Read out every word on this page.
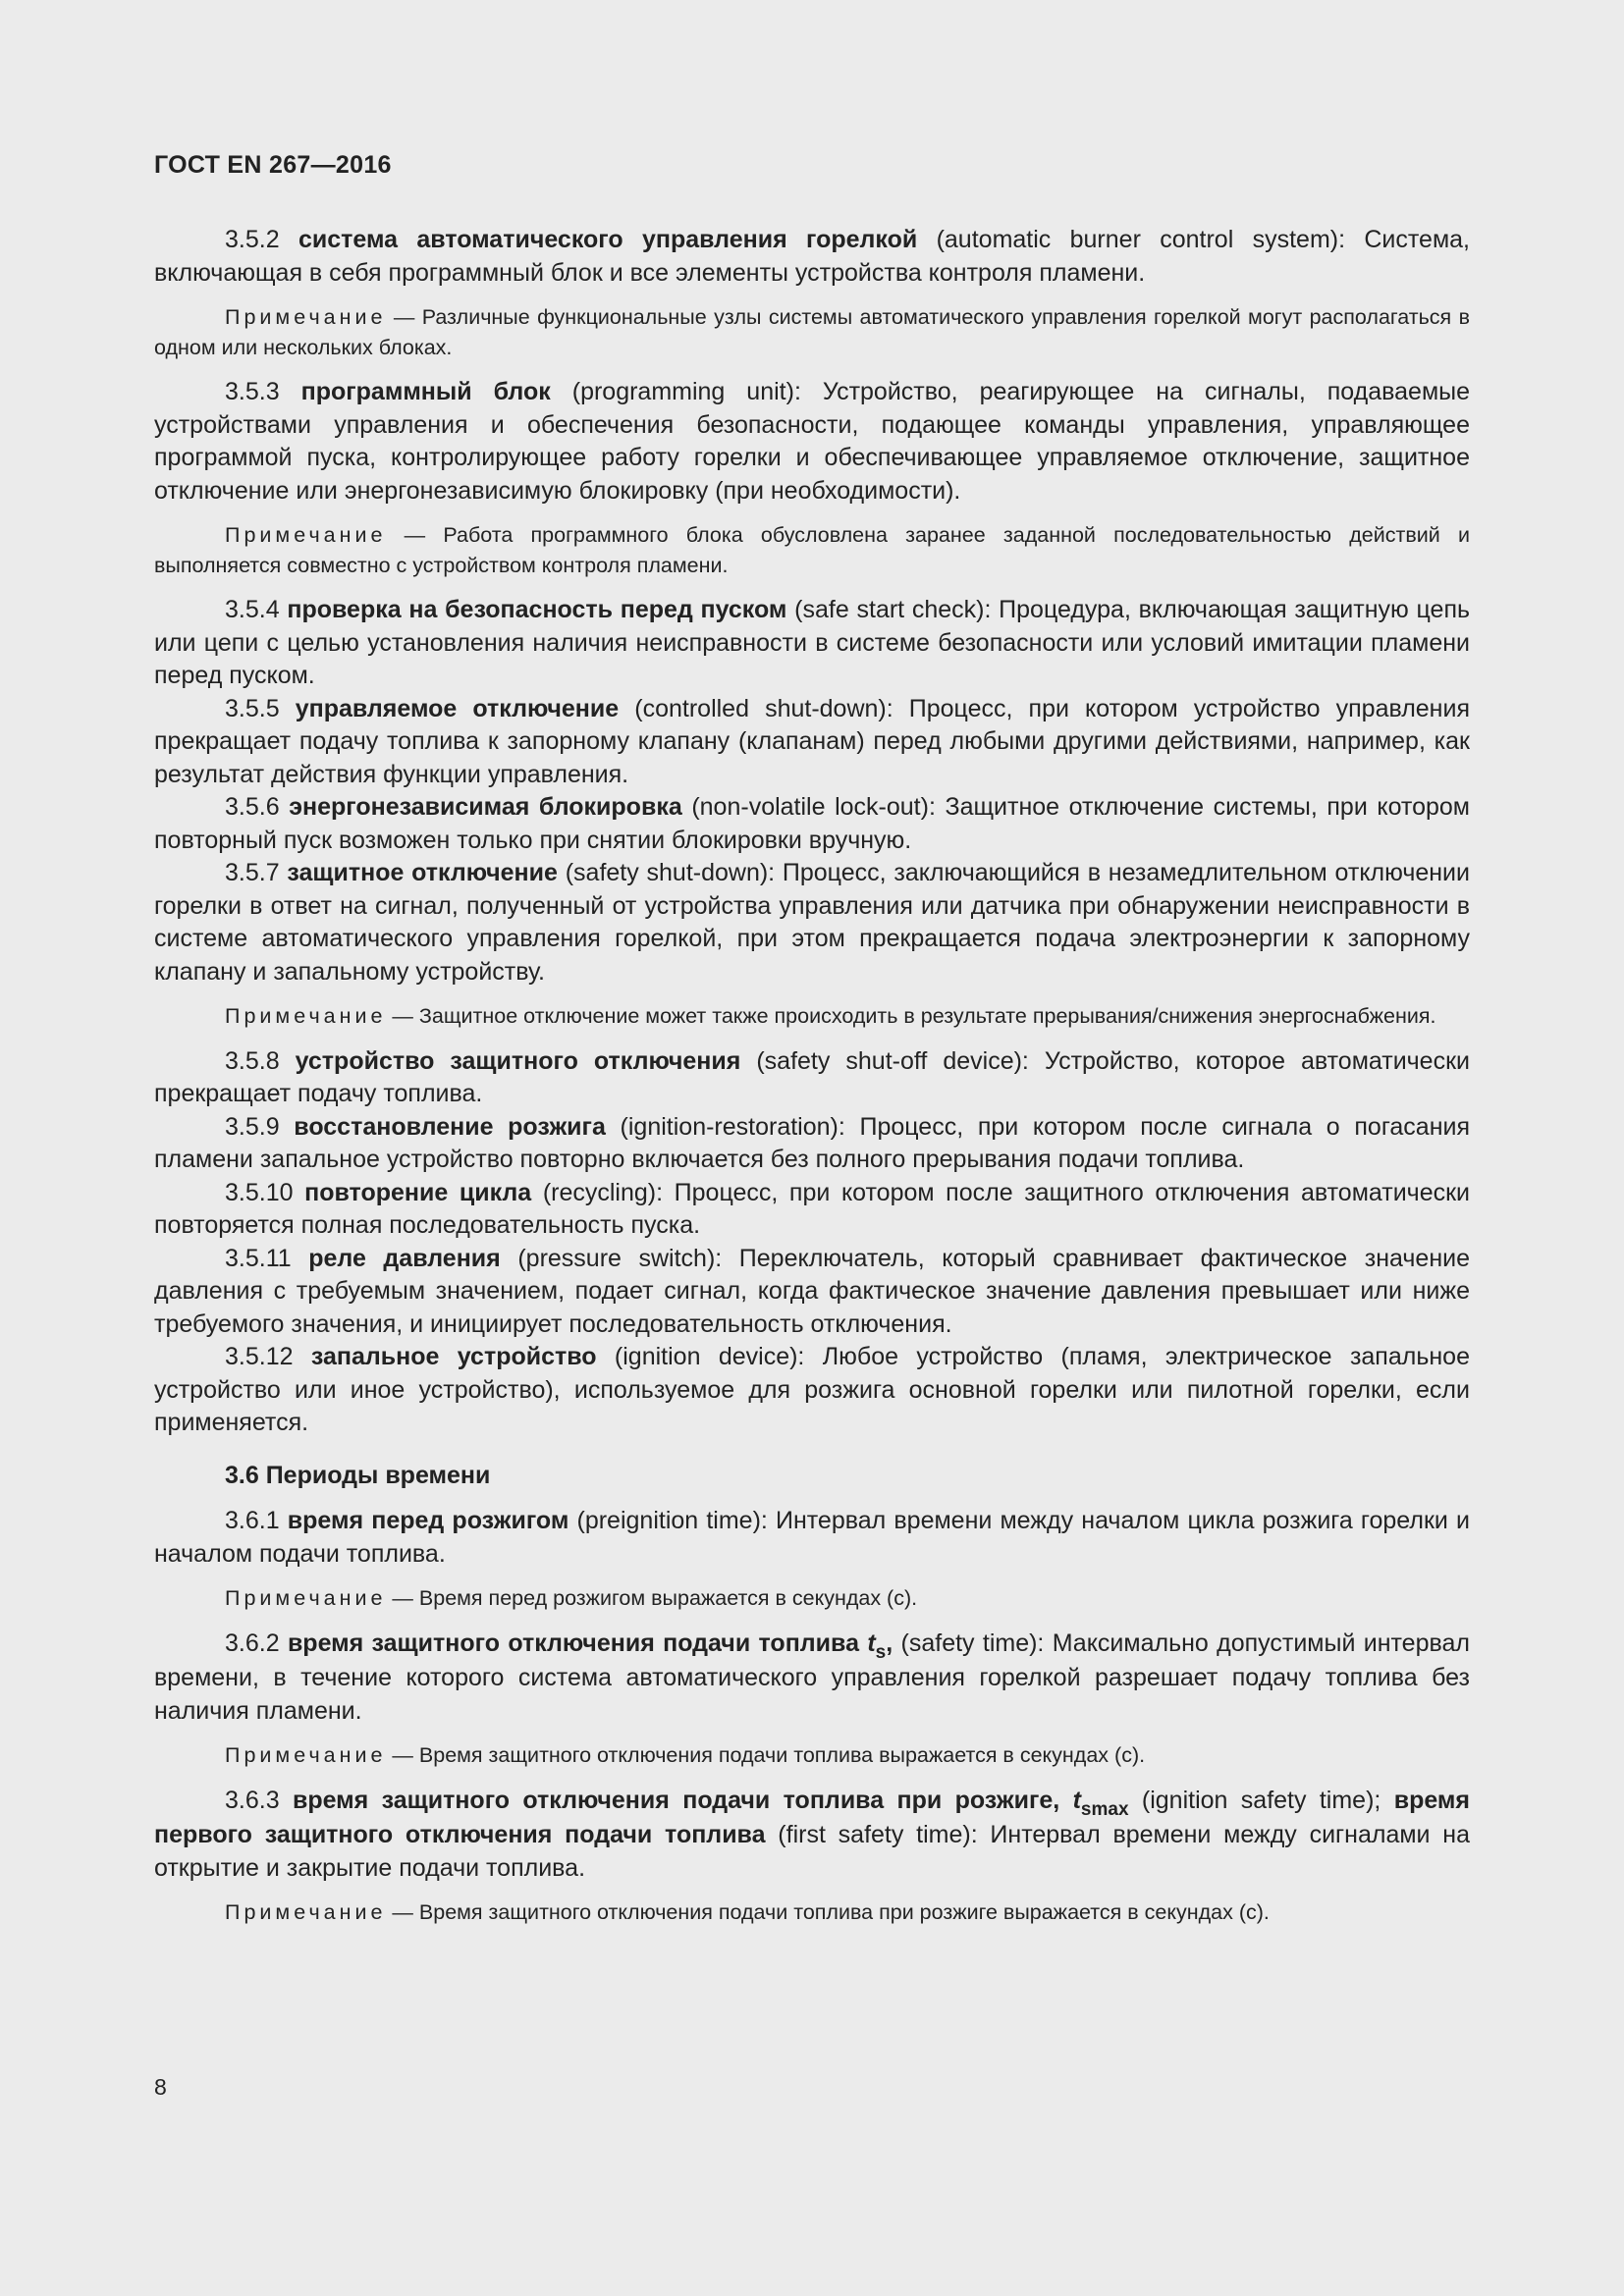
ГОСТ EN 267—2016

3.5.2 система автоматического управления горелкой (automatic burner control system): Система, включающая в себя программный блок и все элементы устройства контроля пламени.

Примечание — Различные функциональные узлы системы автоматического управления горелкой могут располагаться в одном или нескольких блоках.

3.5.3 программный блок (programming unit): Устройство, реагирующее на сигналы, подаваемые устройствами управления и обеспечения безопасности, подающее команды управления, управляющее программой пуска, контролирующее работу горелки и обеспечивающее управляемое отключение, защитное отключение или энергонезависимую блокировку (при необходимости).

Примечание — Работа программного блока обусловлена заранее заданной последовательностью действий и выполняется совместно с устройством контроля пламени.

3.5.4 проверка на безопасность перед пуском (safe start check): Процедура, включающая защитную цепь или цепи с целью установления наличия неисправности в системе безопасности или условий имитации пламени перед пуском.

3.5.5 управляемое отключение (controlled shut-down): Процесс, при котором устройство управления прекращает подачу топлива к запорному клапану (клапанам) перед любыми другими действиями, например, как результат действия функции управления.

3.5.6 энергонезависимая блокировка (non-volatile lock-out): Защитное отключение системы, при котором повторный пуск возможен только при снятии блокировки вручную.

3.5.7 защитное отключение (safety shut-down): Процесс, заключающийся в незамедлительном отключении горелки в ответ на сигнал, полученный от устройства управления или датчика при обнаружении неисправности в системе автоматического управления горелкой, при этом прекращается подача электроэнергии к запорному клапану и запальному устройству.

Примечание — Защитное отключение может также происходить в результате прерывания/снижения энергоснабжения.

3.5.8 устройство защитного отключения (safety shut-off device): Устройство, которое автоматически прекращает подачу топлива.

3.5.9 восстановление розжига (ignition-restoration): Процесс, при котором после сигнала о погасания пламени запальное устройство повторно включается без полного прерывания подачи топлива.

3.5.10 повторение цикла (recycling): Процесс, при котором после защитного отключения автоматически повторяется полная последовательность пуска.

3.5.11 реле давления (pressure switch): Переключатель, который сравнивает фактическое значение давления с требуемым значением, подает сигнал, когда фактическое значение давления превышает или ниже требуемого значения, и инициирует последовательность отключения.

3.5.12 запальное устройство (ignition device): Любое устройство (пламя, электрическое запальное устройство или иное устройство), используемое для розжига основной горелки или пилотной горелки, если применяется.

3.6 Периоды времени

3.6.1 время перед розжигом (preignition time): Интервал времени между началом цикла розжига горелки и началом подачи топлива.

Примечание — Время перед розжигом выражается в секундах (с).

3.6.2 время защитного отключения подачи топлива $t_s$, (safety time): Максимально допустимый интервал времени, в течение которого система автоматического управления горелкой разрешает подачу топлива без наличия пламени.

Примечание — Время защитного отключения подачи топлива выражается в секундах (с).

3.6.3 время защитного отключения подачи топлива при розжиге, $t_{smax}$ (ignition safety time); время первого защитного отключения подачи топлива (first safety time): Интервал времени между сигналами на открытие и закрытие подачи топлива.

Примечание — Время защитного отключения подачи топлива при розжиге выражается в секундах (с).

8
